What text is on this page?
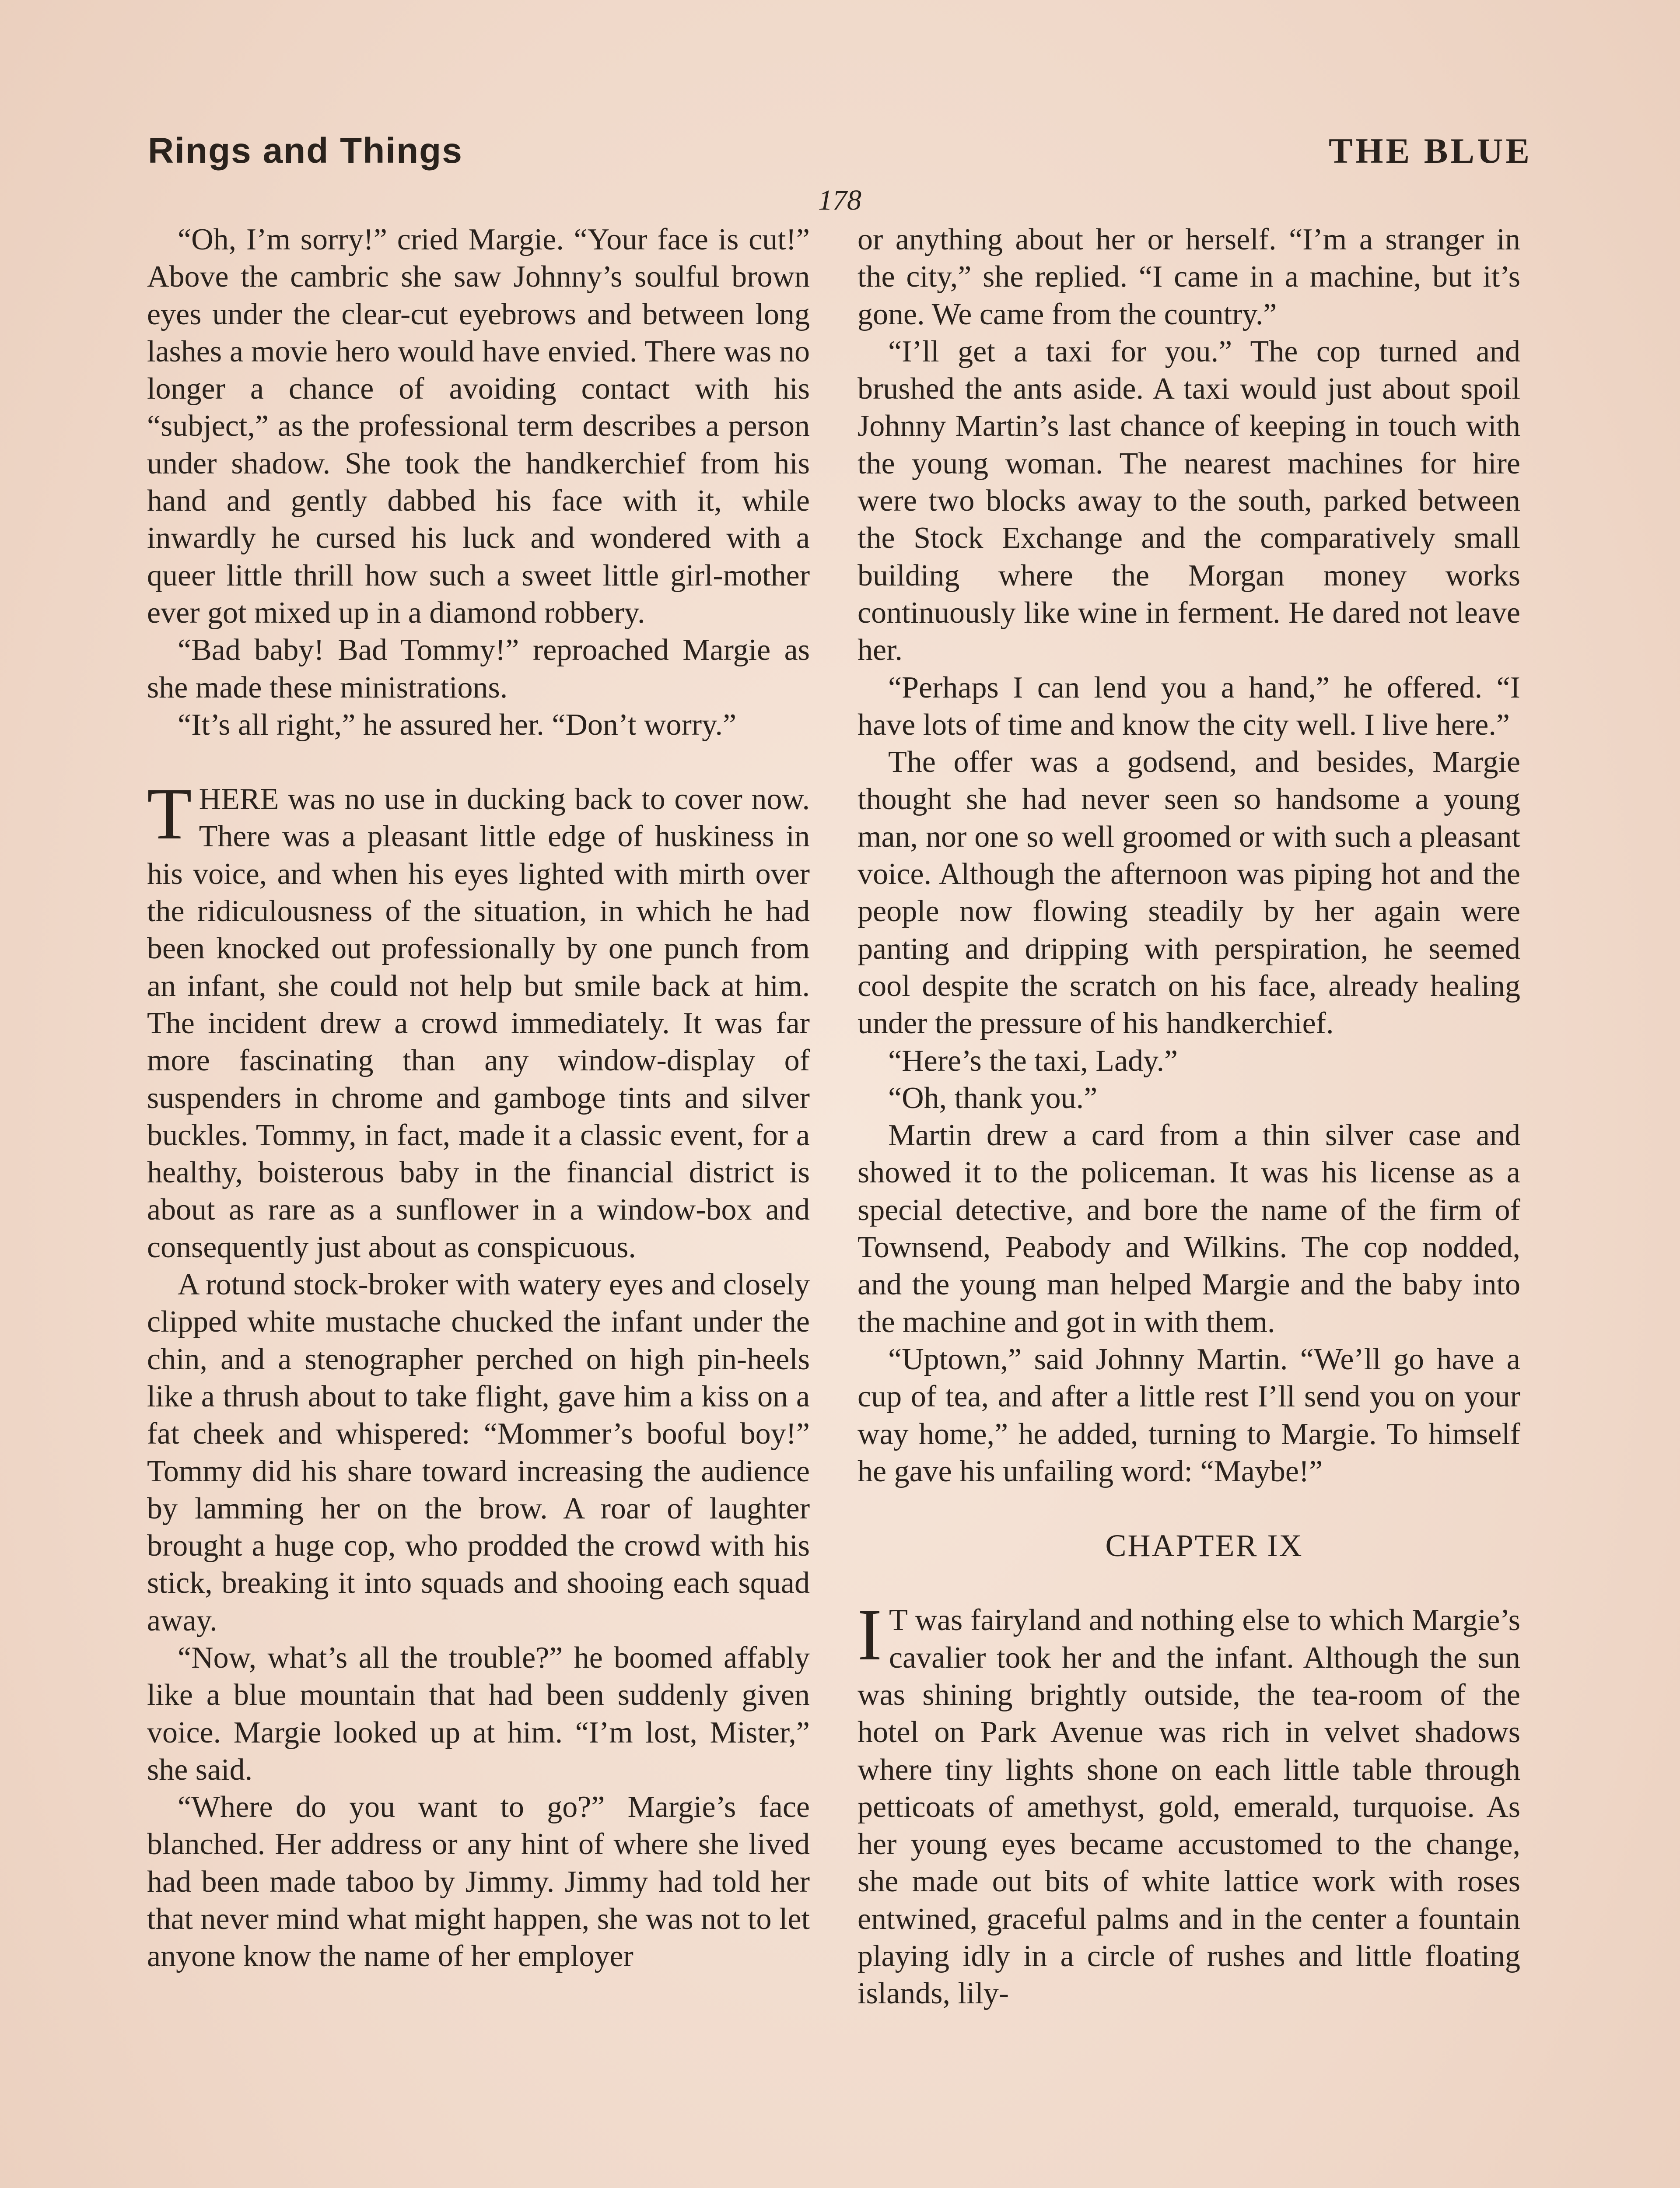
Rings and Things	THE BLUE
178

“Oh, I’m sorry!” cried Margie. “Your face is cut!” Above the cambric she saw Johnny’s soulful brown eyes under the clear-cut eyebrows and between long lashes a movie hero would have envied. There was no longer a chance of avoiding contact with his “subject,” as the professional term describes a person under shadow. She took the handkerchief from his hand and gently dabbed his face with it, while inwardly he cursed his luck and wondered with a queer little thrill how such a sweet little girl-mother ever got mixed up in a diamond robbery.

“Bad baby! Bad Tommy!” reproached Margie as she made these ministrations.

“It’s all right,” he assured her. “Don’t worry.”

THERE was no use in ducking back to cover now. There was a pleasant little edge of huskiness in his voice, and when his eyes lighted with mirth over the ridiculousness of the situation, in which he had been knocked out professionally by one punch from an infant, she could not help but smile back at him. The incident drew a crowd immediately. It was far more fascinating than any window-display of suspenders in chrome and gamboge tints and silver buckles. Tommy, in fact, made it a classic event, for a healthy, boisterous baby in the financial district is about as rare as a sunflower in a window-box and consequently just about as conspicuous.

A rotund stock-broker with watery eyes and closely clipped white mustache chucked the infant under the chin, and a stenographer perched on high pin-heels like a thrush about to take flight, gave him a kiss on a fat cheek and whispered: “Mommer’s booful boy!” Tommy did his share toward increasing the audience by lamming her on the brow. A roar of laughter brought a huge cop, who prodded the crowd with his stick, breaking it into squads and shooing each squad away.

“Now, what’s all the trouble?” he boomed affably like a blue mountain that had been suddenly given voice. Margie looked up at him. “I’m lost, Mister,” she said.

“Where do you want to go?” Margie’s face blanched. Her address or any hint of where she lived had been made taboo by Jimmy. Jimmy had told her that never mind what might happen, she was not to let anyone know the name of her employer

or anything about her or herself. “I’m a stranger in the city,” she replied. “I came in a machine, but it’s gone. We came from the country.”

“I’ll get a taxi for you.” The cop turned and brushed the ants aside. A taxi would just about spoil Johnny Martin’s last chance of keeping in touch with the young woman. The nearest machines for hire were two blocks away to the south, parked between the Stock Exchange and the comparatively small building where the Morgan money works continuously like wine in ferment. He dared not leave her.

“Perhaps I can lend you a hand,” he offered. “I have lots of time and know the city well. I live here.”

The offer was a godsend, and besides, Margie thought she had never seen so handsome a young man, nor one so well groomed or with such a pleasant voice. Although the afternoon was piping hot and the people now flowing steadily by her again were panting and dripping with perspiration, he seemed cool despite the scratch on his face, already healing under the pressure of his handkerchief.

“Here’s the taxi, Lady.”

“Oh, thank you.”

Martin drew a card from a thin silver case and showed it to the policeman. It was his license as a special detective, and bore the name of the firm of Townsend, Peabody and Wilkins. The cop nodded, and the young man helped Margie and the baby into the machine and got in with them.

“Uptown,” said Johnny Martin. “We’ll go have a cup of tea, and after a little rest I’ll send you on your way home,” he added, turning to Margie. To himself he gave his unfailing word: “Maybe!”

CHAPTER IX

I T was fairyland and nothing else to which Margie’s cavalier took her and the infant. Although the sun was shining brightly outside, the tea-room of the hotel on Park Avenue was rich in velvet shadows where tiny lights shone on each little table through petticoats of amethyst, gold, emerald, turquoise. As her young eyes became accustomed to the change, she made out bits of white lattice work with roses entwined, graceful palms and in the center a fountain playing idly in a circle of rushes and little floating islands, lily-
